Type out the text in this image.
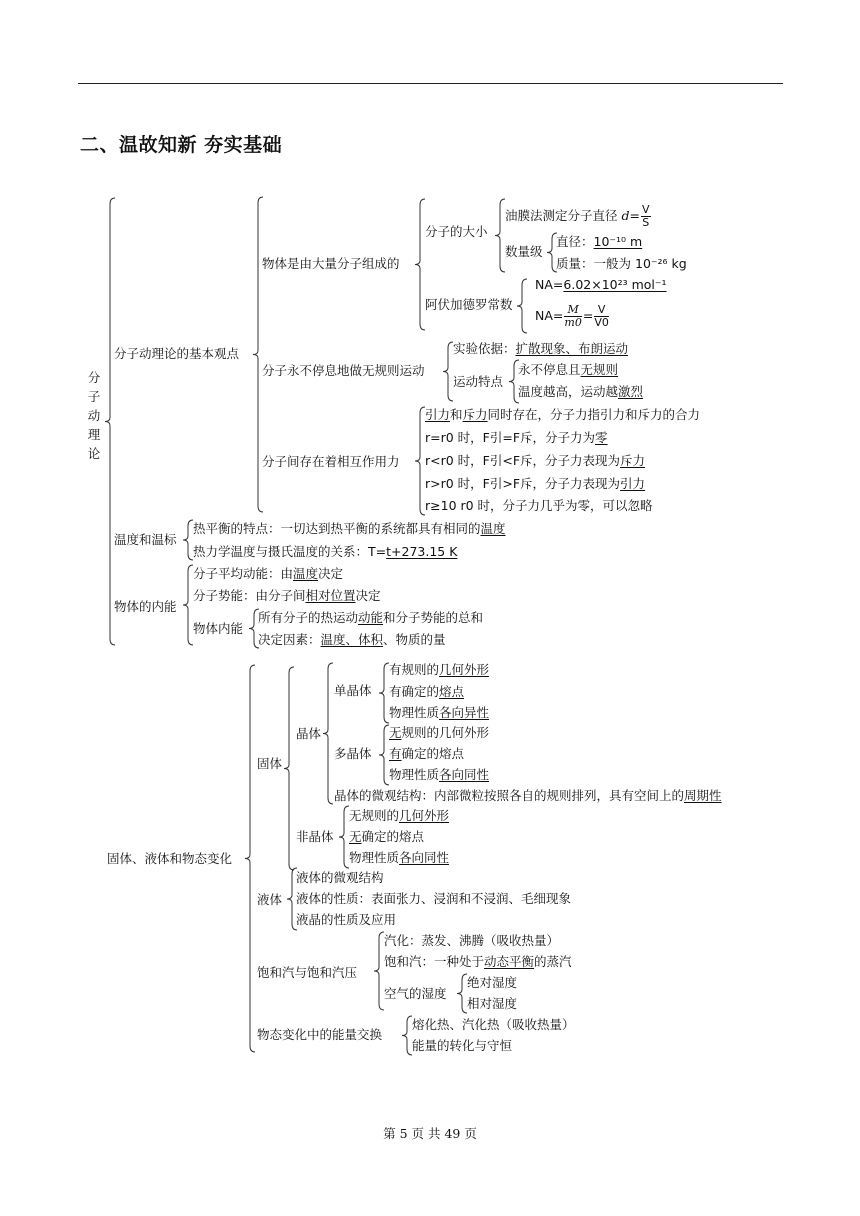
二、温故知新 夯实基础
分
子
动
理
论
分子动理论的基本观点
物体是由大量分子组成的
分子的大小
油膜法测定分子直径 $d= \frac{V}{S}$
数量级
直径：10⁻¹⁰ m
质量：一般为 10⁻²⁶ kg
阿伏加德罗常数
NA=6.02×10²³ mol⁻¹
$NA= \frac{M}{m0} = \frac{V}{V0}$
分子永不停息地做无规则运动
实验依据：扩散现象、布朗运动
运动特点
永不停息且无规则
温度越高，运动越激烈
分子间存在着相互作用力
引力和斥力同时存在，分子力指引力和斥力的合力
r=r0 时，F引=F斥，分子力为零
r<r0 时，F引<F斥，分子力表现为斥力
r>r0 时，F引>F斥，分子力表现为引力
r≥10 r0 时，分子力几乎为零，可以忽略
温度和温标
热平衡的特点：一切达到热平衡的系统都具有相同的温度
热力学温度与摄氏温度的关系：T=t+273.15 K
物体的内能
分子平均动能：由温度决定
分子势能：由分子间相对位置决定
物体内能
所有分子的热运动动能和分子势能的总和
决定因素：温度、体积、物质的量
固体、液体和物态变化
固体
晶体
单晶体
有规则的几何外形
有确定的熔点
物理性质各向异性
多晶体
无规则的几何外形
有确定的熔点
物理性质各向同性
晶体的微观结构：内部微粒按照各自的规则排列，具有空间上的周期性
非晶体
无规则的几何外形
无确定的熔点
物理性质各向同性
液体
液体的微观结构
液体的性质：表面张力、浸润和不浸润、毛细现象
液晶的性质及应用
饱和汽与饱和汽压
汽化：蒸发、沸腾（吸收热量）
饱和汽：一种处于动态平衡的蒸汽
空气的湿度
绝对湿度
相对湿度
物态变化中的能量交换
熔化热、汽化热（吸收热量）
能量的转化与守恒
第 5 页 共 49 页
